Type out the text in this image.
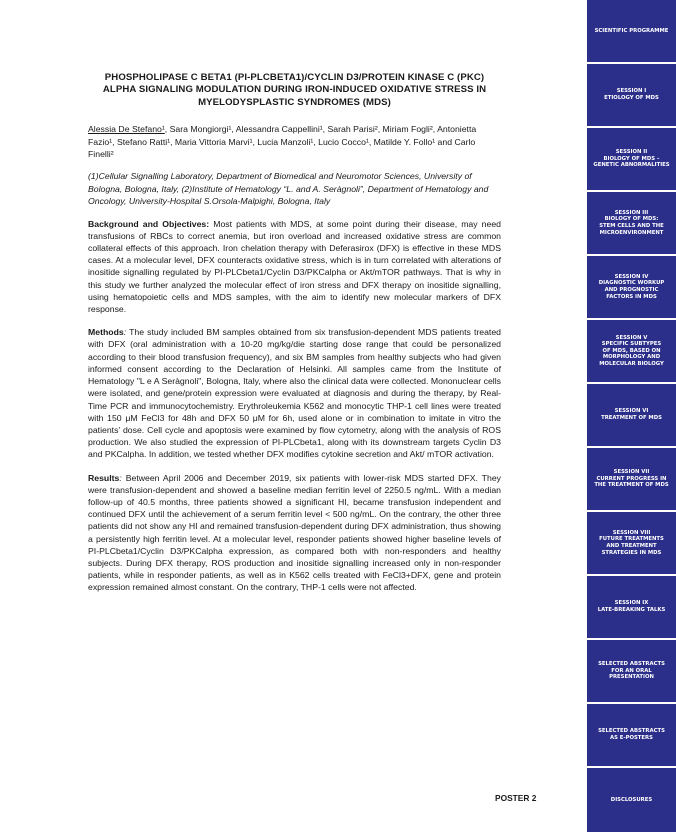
PHOSPHOLIPASE C BETA1 (PI-PLCBETA1)/CYCLIN D3/PROTEIN KINASE C (PKC) ALPHA SIGNALING MODULATION DURING IRON-INDUCED OXIDATIVE STRESS IN MYELODYSPLASTIC SYNDROMES (MDS)
Alessia De Stefano¹, Sara Mongiorgi¹, Alessandra Cappellini¹, Sarah Parisi², Miriam Fogli², Antonietta Fazio¹, Stefano Ratti¹, Maria Vittoria Marvi¹, Lucia Manzoli¹, Lucio Cocco¹, Matilde Y. Follo¹ and Carlo Finelli²
(1)Cellular Signalling Laboratory, Department of Biomedical and Neuromotor Sciences, University of Bologna, Bologna, Italy, (2)Institute of Hematology “L. and A. Seràgnoli”, Department of Hematology and Oncology, University-Hospital S.Orsola-Malpighi, Bologna, Italy
Background and Objectives: Most patients with MDS, at some point during their disease, may need transfusions of RBCs to correct anemia, but iron overload and increased oxidative stress are common collateral effects of this approach. Iron chelation therapy with Deferasirox (DFX) is effective in these MDS cases. At a molecular level, DFX counteracts oxidative stress, which is in turn correlated with alterations of inositide signalling regulated by PI-PLCbeta1/Cyclin D3/PKCalpha or Akt/mTOR pathways. That is why in this study we further analyzed the molecular effect of iron stress and DFX therapy on inositide signalling, using hematopoietic cells and MDS samples, with the aim to identify new molecular markers of DFX response.
Methods: The study included BM samples obtained from six transfusion-dependent MDS patients treated with DFX (oral administration with a 10-20 mg/kg/die starting dose range that could be personalized according to their blood transfusion frequency), and six BM samples from healthy subjects who had given informed consent according to the Declaration of Helsinki. All samples came from the Institute of Hematology "L e A Seràgnoli", Bologna, Italy, where also the clinical data were collected. Mononuclear cells were isolated, and gene/protein expression were evaluated at diagnosis and during the therapy, by Real-Time PCR and immunocytochemistry. Erythroleukemia K562 and monocytic THP-1 cell lines were treated with 150 μM FeCl3 for 48h and DFX 50 μM for 6h, used alone or in combination to imitate in vitro the patients’ dose. Cell cycle and apoptosis were examined by flow cytometry, along with the analysis of ROS production. We also studied the expression of PI-PLCbeta1, along with its downstream targets Cyclin D3 and PKCalpha. In addition, we tested whether DFX modifies cytokine secretion and Akt/ mTOR activation.
Results: Between April 2006 and December 2019, six patients with lower-risk MDS started DFX. They were transfusion-dependent and showed a baseline median ferritin level of 2250.5 ng/mL. With a median follow-up of 40.5 months, three patients showed a significant HI, became transfusion independent and continued DFX until the achievement of a serum ferritin level < 500 ng/mL. On the contrary, the other three patients did not show any HI and remained transfusion-dependent during DFX administration, thus showing a persistently high ferritin level. At a molecular level, responder patients showed higher baseline levels of PI-PLCbeta1/Cyclin D3/PKCalpha expression, as compared both with non-responders and healthy subjects. During DFX therapy, ROS production and inositide signalling increased only in non-responder patients, while in responder patients, as well as in K562 cells treated with FeCl3+DFX, gene and protein expression remained almost constant. On the contrary, THP-1 cells were not affected.
POSTER 2
SCIENTIFIC PROGRAMME
SESSION I
ETIOLOGY OF MDS
SESSION II
BIOLOGY OF MDS –
GENETIC ABNORMALITIES
SESSION III
BIOLOGY OF MDS:
STEM CELLS AND THE
MICROENVIRONMENT
SESSION IV
DIAGNOSTIC WORKUP
AND PROGNOSTIC
FACTORS IN MDS
SESSION V
SPECIFIC SUBTYPES
OF MDS, BASED ON
MORPHOLOGY AND
MOLECULAR BIOLOGY
SESSION VI
TREATMENT OF MDS
SESSION VII
CURRENT PROGRESS IN
THE TREATMENT OF MDS
SESSION VIII
FUTURE TREATMENTS
AND TREATMENT
STRATEGIES IN MDS
SESSION IX
LATE-BREAKING TALKS
SELECTED ABSTRACTS
FOR AN ORAL
PRESENTATION
SELECTED ABSTRACTS
AS E-POSTERS
DISCLOSURES
